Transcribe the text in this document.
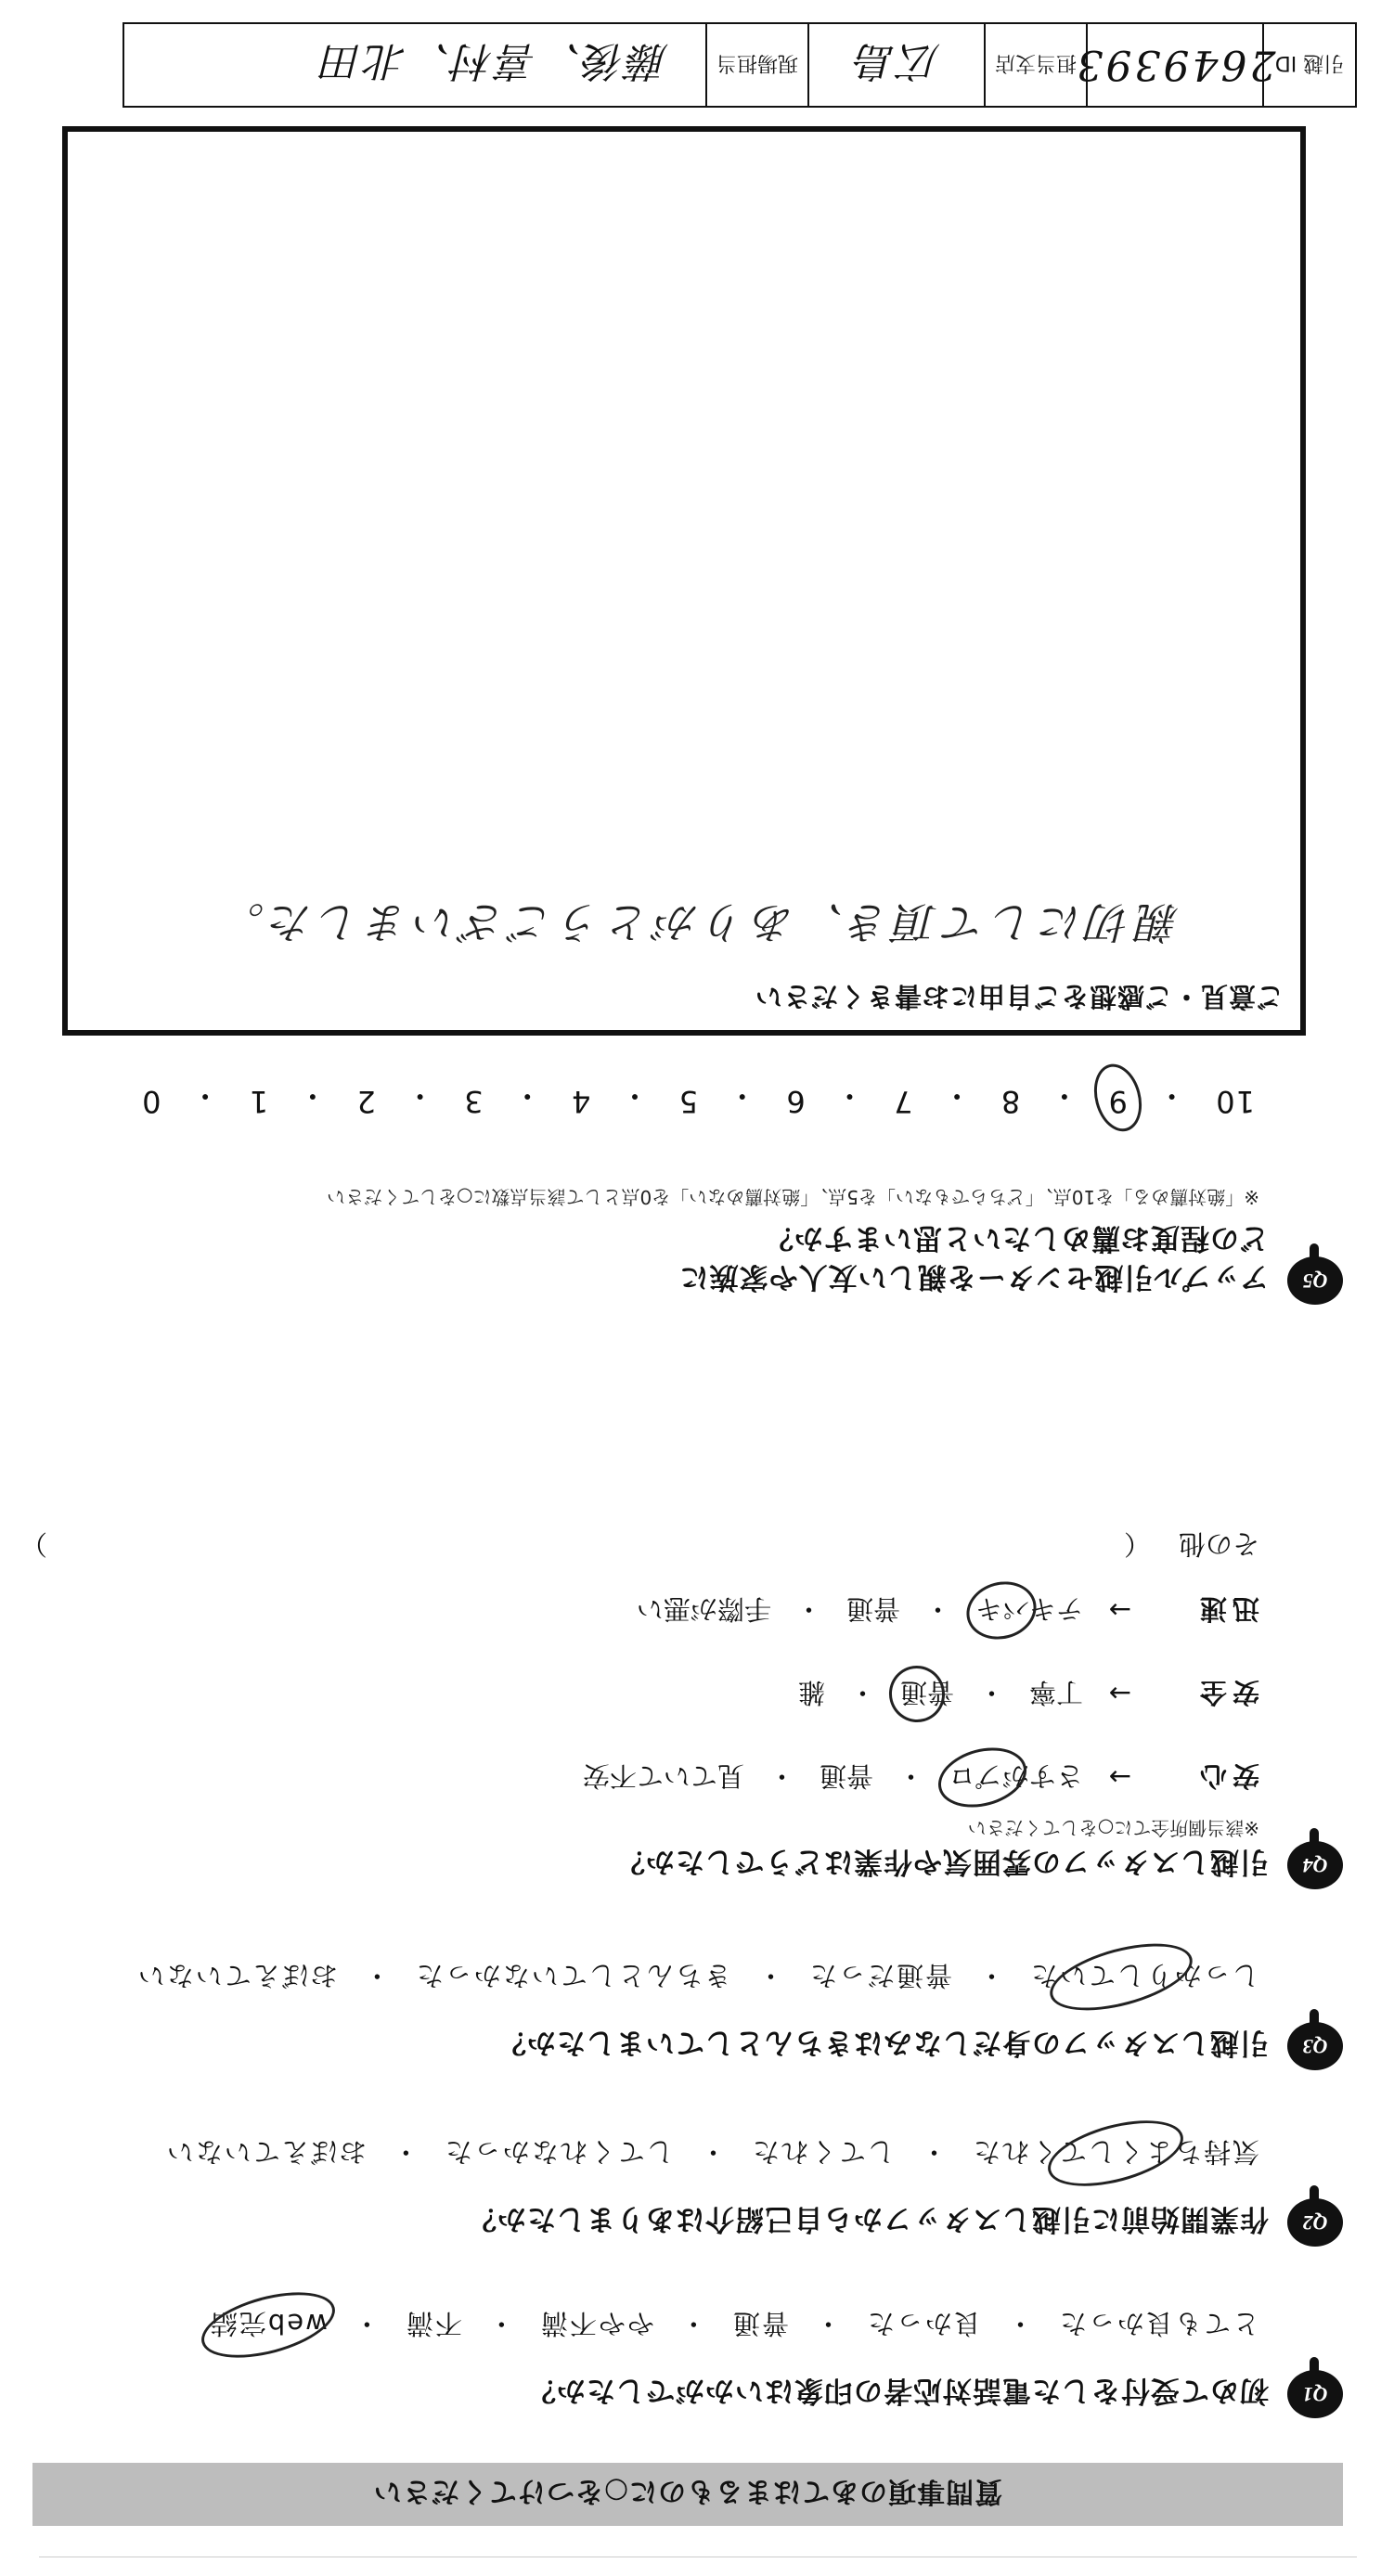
質問事項のあてはまるものに○をつけてください
Q1
初めて受付をした電話対応者の印象はいかがでしたか？
とても良かった
・
良かった
・
普通
・
やや不満
・
不満
・
web完結
Q2
作業開始前に引越しスタッフから自己紹介はありましたか？
気持ちよくしてくれた
・
してくれた
・
してくれなかった
・
おぼえていない
Q3
引越しスタッフの身だしなみはきちんとしていましたか？
しっかりしていた
・
普通だった
・
きちんとしていなかった
・
おぼえていない
Q4
引越しスタッフの雰囲気や作業はどうでしたか？
※該当個所全てに○をしてください
安心
→
さすがプロ
・
普通
・
見ていて不安
安全
→
丁寧
・
普通
・
雑
迅速
→
テキパキ
・
普通
・
手際が悪い
その他
（
）
Q5
アップル引越センターを親しい友人や家族に
どの程度お薦めしたいと思いますか？
※「絶対薦める」を10点、「どちらでもない」を5点、「絶対薦めない」を0点として該当点数に○をしてください
10
・
9
・
8
・
7
・
6
・
5
・
4
・
3
・
2
・
1
・
0
ご意見・ご感想をご自由にお書きください
親切にして頂き、ありがとうございました。
引越 ID
2649393
担当支店
広島
現場担当
藤後、喜村、北田
